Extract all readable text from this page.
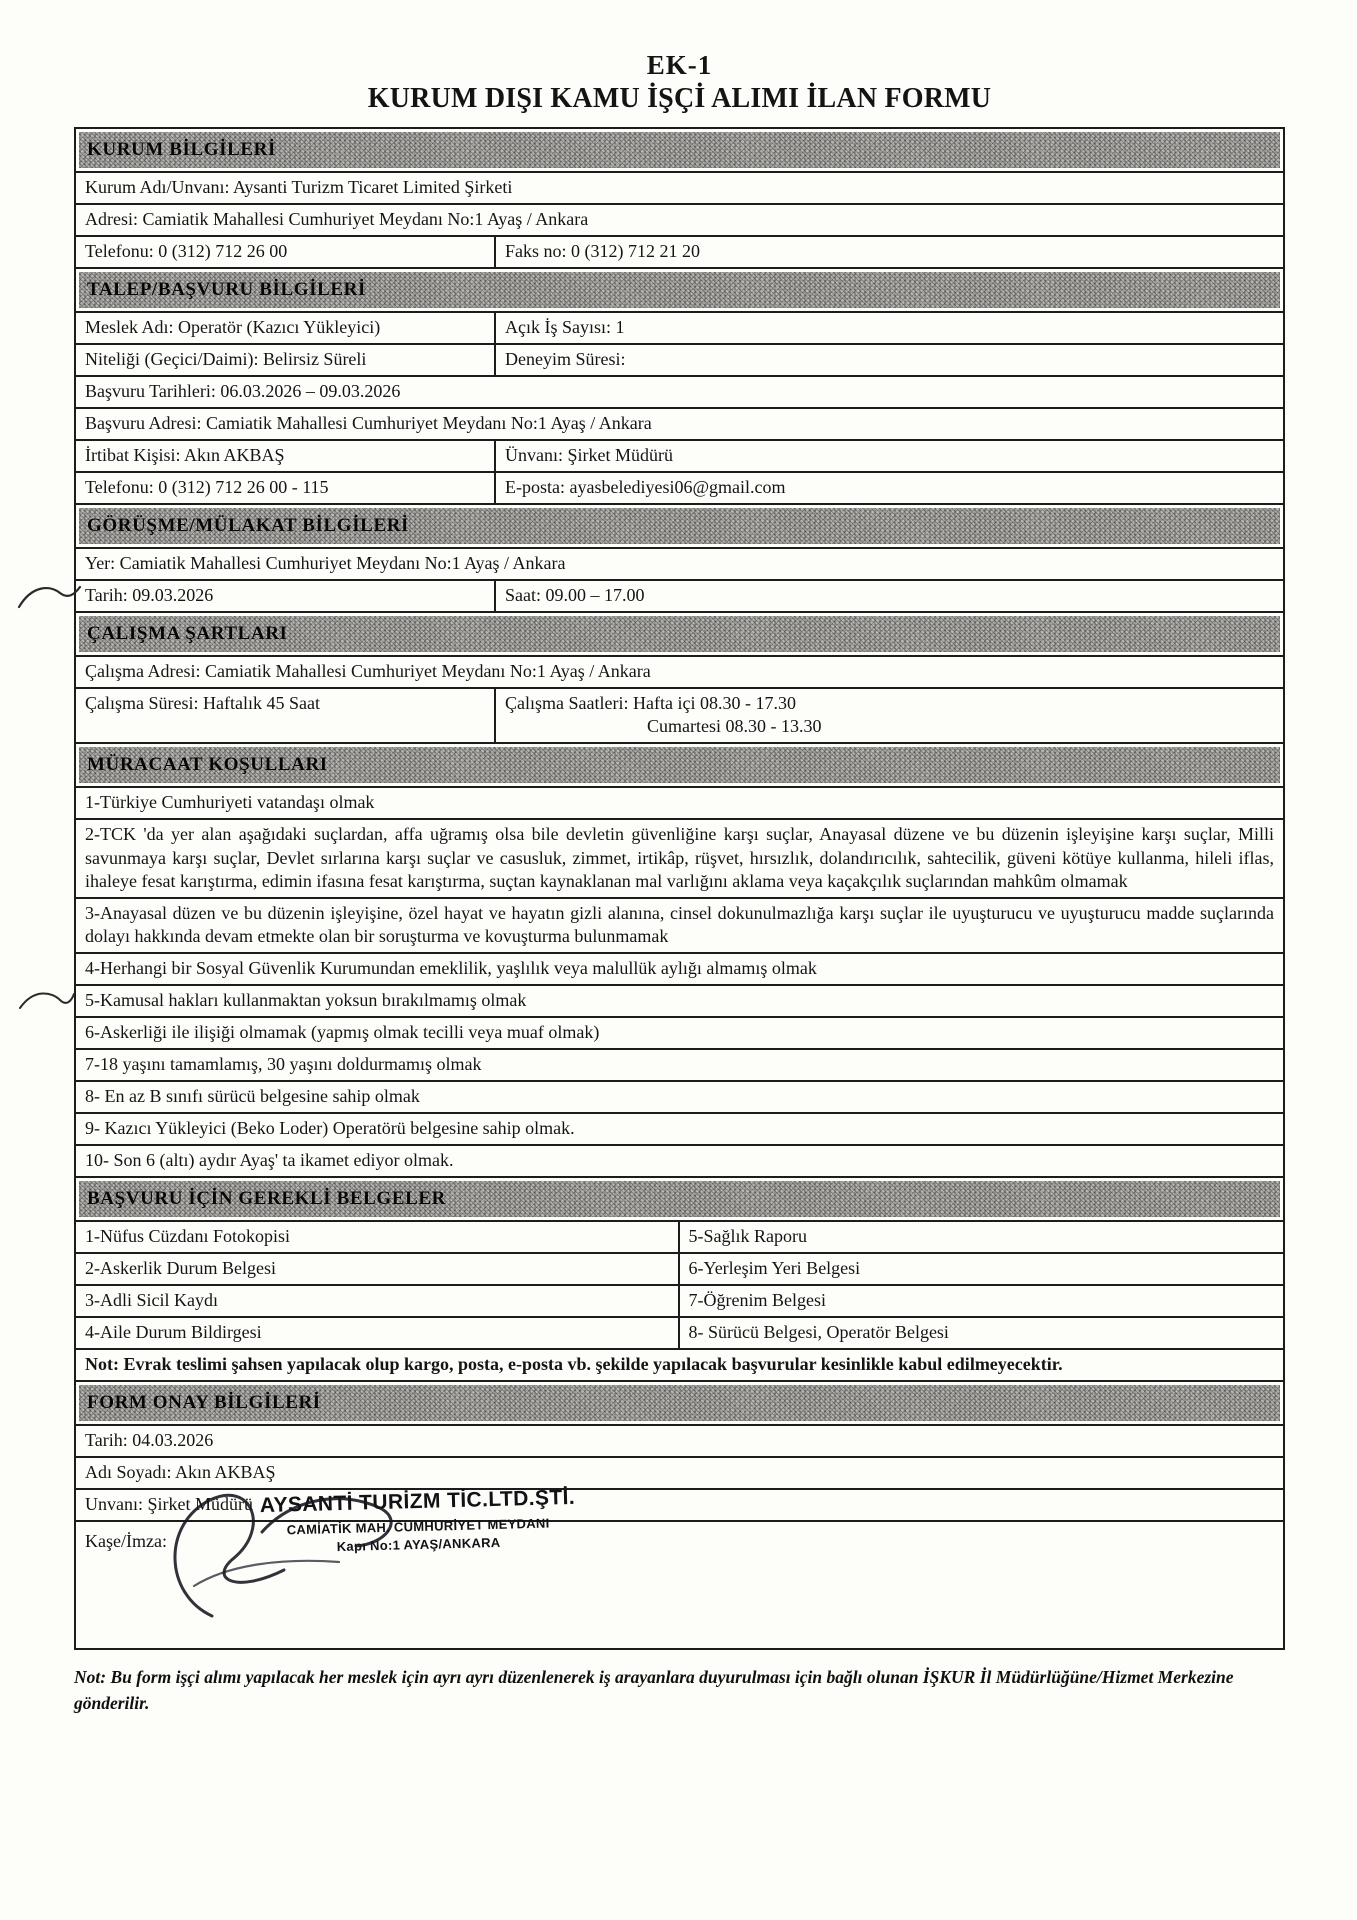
EK-1
KURUM DIŞI KAMU İŞÇİ ALIMI İLAN FORMU
KURUM BİLGİLERİ
Kurum Adı/Unvanı: Aysanti Turizm Ticaret Limited Şirketi
Adresi: Camiatik Mahallesi Cumhuriyet Meydanı No:1 Ayaş / Ankara
Telefonu: 0 (312) 712 26 00	Faks no: 0 (312) 712 21 20
TALEP/BAŞVURU BİLGİLERİ
Meslek Adı: Operatör (Kazıcı Yükleyici)	Açık İş Sayısı: 1
Niteliği (Geçici/Daimi): Belirsiz Süreli	Deneyim Süresi:
Başvuru Tarihleri: 06.03.2026 – 09.03.2026
Başvuru Adresi: Camiatik Mahallesi Cumhuriyet Meydanı No:1 Ayaş / Ankara
İrtibat Kişisi: Akın AKBAŞ	Ünvanı: Şirket Müdürü
Telefonu: 0 (312) 712 26 00 - 115	E-posta: ayasbelediyesi06@gmail.com
GÖRÜŞME/MÜLAKAT BİLGİLERİ
Yer: Camiatik Mahallesi Cumhuriyet Meydanı No:1 Ayaş / Ankara
Tarih: 09.03.2026	Saat: 09.00 – 17.00
ÇALIŞMA ŞARTLARI
Çalışma Adresi: Camiatik Mahallesi Cumhuriyet Meydanı No:1 Ayaş / Ankara
Çalışma Süresi: Haftalık 45 Saat	Çalışma Saatleri: Hafta içi 08.30 - 17.30
Cumartesi 08.30 - 13.30
MÜRACAAT KOŞULLARI
1-Türkiye Cumhuriyeti vatandaşı olmak
2-TCK 'da yer alan aşağıdaki suçlardan, affa uğramış olsa bile devletin güvenliğine karşı suçlar, Anayasal düzene ve bu düzenin işleyişine karşı suçlar, Milli savunmaya karşı suçlar, Devlet sırlarına karşı suçlar ve casusluk, zimmet, irtikâp, rüşvet, hırsızlık, dolandırıcılık, sahtecilik, güveni kötüye kullanma, hileli iflas, ihaleye fesat karıştırma, edimin ifasına fesat karıştırma, suçtan kaynaklanan mal varlığını aklama veya kaçakçılık suçlarından mahkûm olmamak
3-Anayasal düzen ve bu düzenin işleyişine, özel hayat ve hayatın gizli alanına, cinsel dokunulmazlığa karşı suçlar ile uyuşturucu ve uyuşturucu madde suçlarında dolayı hakkında devam etmekte olan bir soruşturma ve kovuşturma bulunmamak
4-Herhangi bir Sosyal Güvenlik Kurumundan emeklilik, yaşlılık veya malullük aylığı almamış olmak
5-Kamusal hakları kullanmaktan yoksun bırakılmamış olmak
6-Askerliği ile ilişiği olmamak (yapmış olmak tecilli veya muaf olmak)
7-18 yaşını tamamlamış, 30 yaşını doldurmamış olmak
8- En az B sınıfı sürücü belgesine sahip olmak
9- Kazıcı Yükleyici (Beko Loder) Operatörü belgesine sahip olmak.
10- Son 6 (altı) aydır Ayaş' ta ikamet ediyor olmak.
BAŞVURU İÇİN GEREKLİ BELGELER
1-Nüfus Cüzdanı Fotokopisi	5-Sağlık Raporu
2-Askerlik Durum Belgesi	6-Yerleşim Yeri Belgesi
3-Adli Sicil Kaydı	7-Öğrenim Belgesi
4-Aile Durum Bildirgesi	8- Sürücü Belgesi, Operatör Belgesi
Not: Evrak teslimi şahsen yapılacak olup kargo, posta, e-posta vb. şekilde yapılacak başvurular kesinlikle kabul edilmeyecektir.
FORM ONAY BİLGİLERİ
Tarih: 04.03.2026
Adı Soyadı: Akın AKBAŞ
Unvanı: Şirket Müdürü
Kaşe/İmza:
AYSANTİ TURİZM TİC.LTD.ŞTİ.
CAMİATİK MAH. CUMHURİYET MEYDANI
Kapı No:1 AYAŞ/ANKARA
Not: Bu form işçi alımı yapılacak her meslek için ayrı ayrı düzenlenerek iş arayanlara duyurulması için bağlı olunan İŞKUR İl Müdürlüğüne/Hizmet Merkezine gönderilir.
